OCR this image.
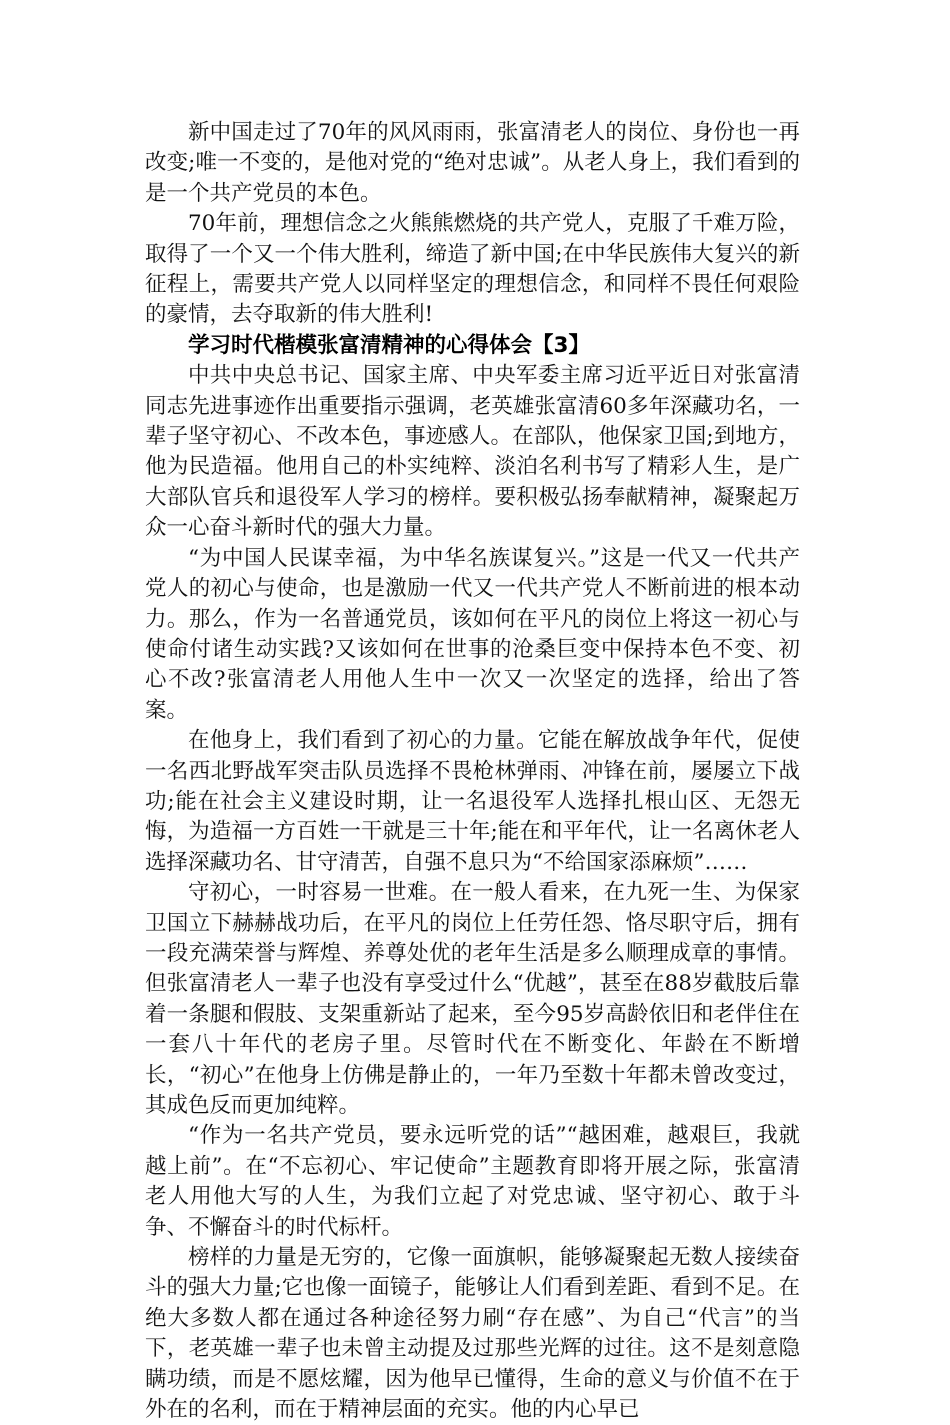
新中国走过了70年的风风雨雨，张富清老人的岗位、身份也一再改变;唯一不变的，是他对党的“绝对忠诚”。从老人身上，我们看到的是一个共产党员的本色。

70年前，理想信念之火熊熊燃烧的共产党人，克服了千难万险，取得了一个又一个伟大胜利，缔造了新中国;在中华民族伟大复兴的新征程上，需要共产党人以同样坚定的理想信念，和同样不畏任何艰险的豪情，去夺取新的伟大胜利!

学习时代楷模张富清精神的心得体会【3】

中共中央总书记、国家主席、中央军委主席习近平近日对张富清同志先进事迹作出重要指示强调，老英雄张富清60多年深藏功名，一辈子坚守初心、不改本色，事迹感人。在部队，他保家卫国;到地方，他为民造福。他用自己的朴实纯粹、淡泊名利书写了精彩人生，是广大部队官兵和退役军人学习的榜样。要积极弘扬奉献精神，凝聚起万众一心奋斗新时代的强大力量。

“为中国人民谋幸福，为中华名族谋复兴。”这是一代又一代共产党人的初心与使命，也是激励一代又一代共产党人不断前进的根本动力。那么，作为一名普通党员，该如何在平凡的岗位上将这一初心与使命付诸生动实践?又该如何在世事的沧桑巨变中保持本色不变、初心不改?张富清老人用他人生中一次又一次坚定的选择，给出了答案。

在他身上，我们看到了初心的力量。它能在解放战争年代，促使一名西北野战军突击队员选择不畏枪林弹雨、冲锋在前，屡屡立下战功;能在社会主义建设时期，让一名退役军人选择扎根山区、无怨无悔，为造福一方百姓一干就是三十年;能在和平年代，让一名离休老人选择深藏功名、甘守清苦，自强不息只为“不给国家添麻烦”……

守初心，一时容易一世难。在一般人看来，在九死一生、为保家卫国立下赫赫战功后，在平凡的岗位上任劳任怨、恪尽职守后，拥有一段充满荣誉与辉煌、养尊处优的老年生活是多么顺理成章的事情。但张富清老人一辈子也没有享受过什么“优越”，甚至在88岁截肢后靠着一条腿和假肢、支架重新站了起来，至今95岁高龄依旧和老伴住在一套八十年代的老房子里。尽管时代在不断变化、年龄在不断增长，“初心”在他身上仿佛是静止的，一年乃至数十年都未曾改变过，其成色反而更加纯粹。

“作为一名共产党员，要永远听党的话”“越困难，越艰巨，我就越上前”。在“不忘初心、牢记使命”主题教育即将开展之际，张富清老人用他大写的人生，为我们立起了对党忠诚、坚守初心、敢于斗争、不懈奋斗的时代标杆。

榜样的力量是无穷的，它像一面旗帜，能够凝聚起无数人接续奋斗的强大力量;它也像一面镜子，能够让人们看到差距、看到不足。在绝大多数人都在通过各种途径努力刷“存在感”、为自己“代言”的当下，老英雄一辈子也未曾主动提及过那些光辉的过往。这不是刻意隐瞒功绩，而是不愿炫耀，因为他早已懂得，生命的意义与价值不在于外在的名利，而在于精神层面的充实。他的内心早已
